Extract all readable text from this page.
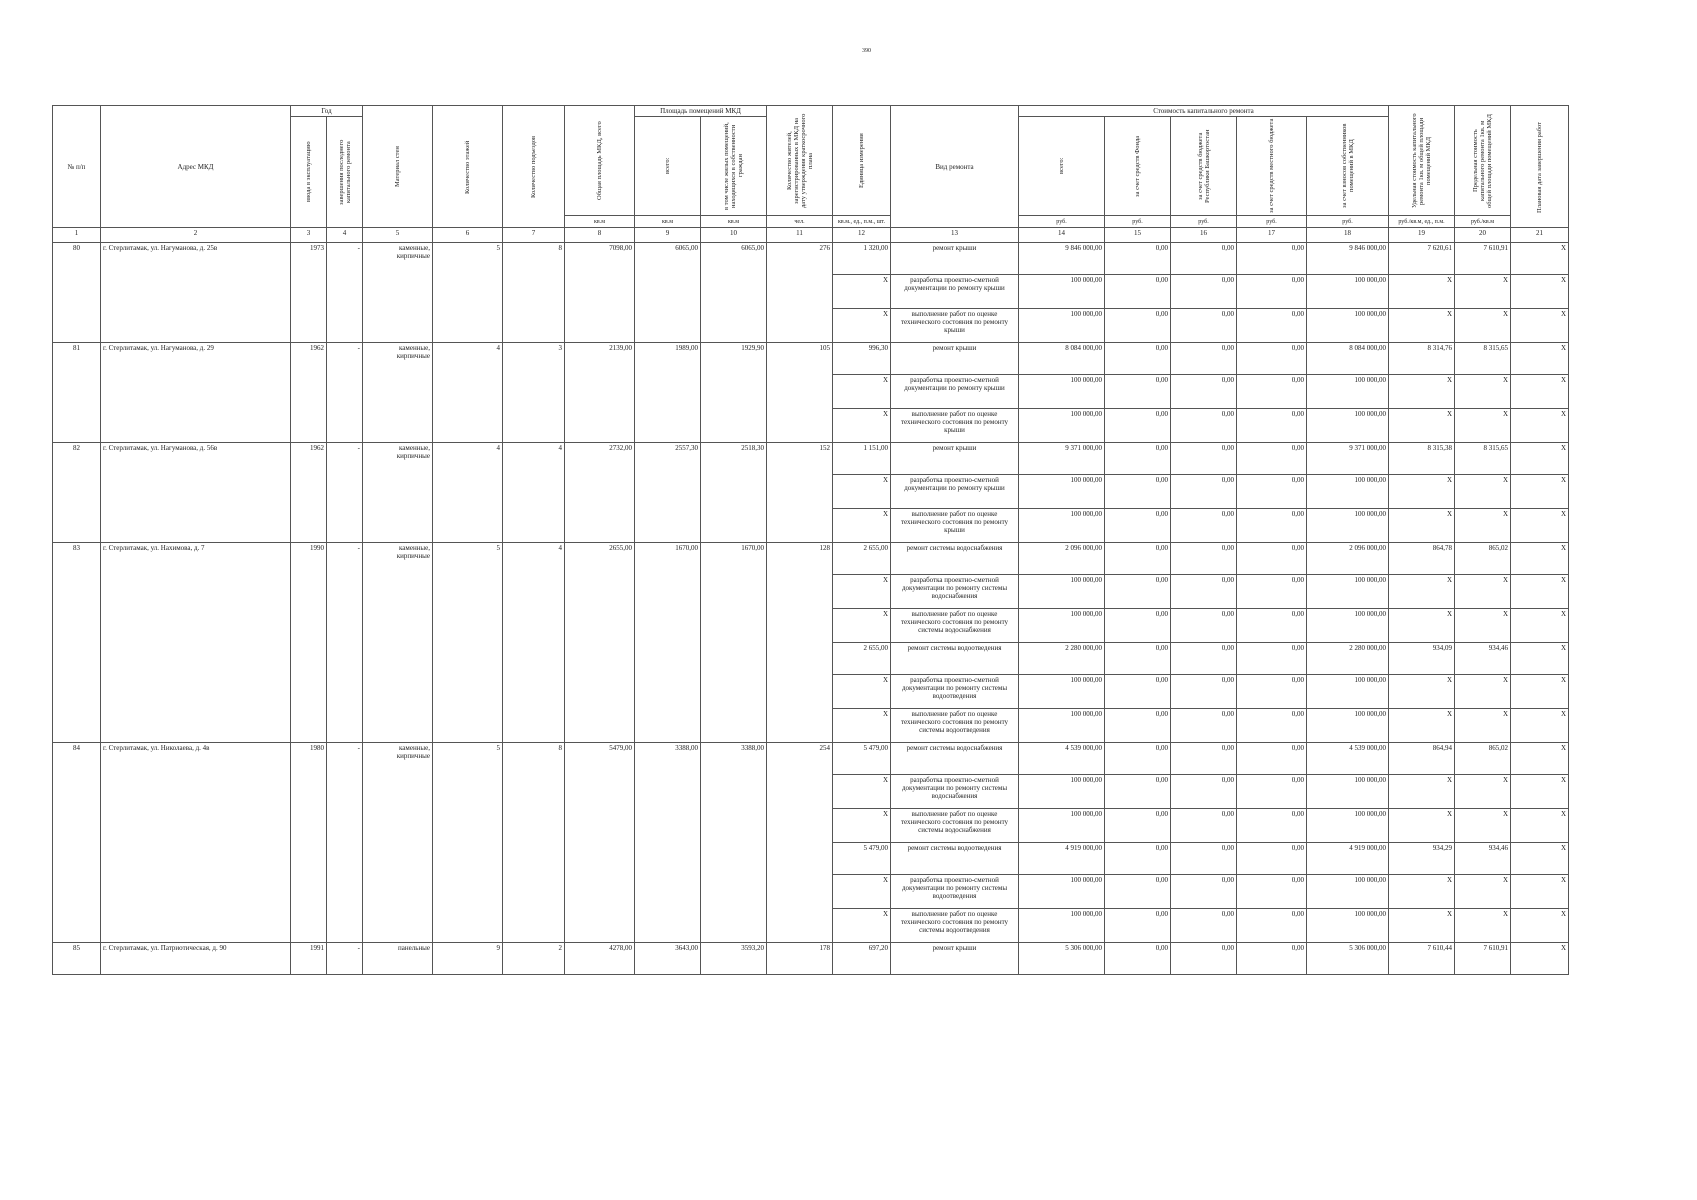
390
№ п/п	Адрес МКД	Год		Материал стен	Количество этажей	Количество подъездов	Общая площадь МКД, всего	Площадь помещений МКД		Количество жителей, зарегистрированных в МКД на дату утверждения краткосрочного плана	Единица измерения	Вид ремонта	Стоимость капитального ремонта					Удельная стоимость капитального ремонта 1кв. м общей площади помещений МКД	Предельная стоимость капитального ремонта 1кв. м общей площади помещений МКД	Плановая дата завершения работ

		ввода в эксплуатацию	завершения последнего капитального ремонта					всего:	в том числе жилых помещений, находящихся в собственности граждан				всего:	за счет средств Фонда	за счет средств бюджета Республики Башкортостан	за счет средств местного бюджета	за счет взносов собственников помещений в МКД			

							кв.м	кв.м	кв.м	чел.	кв.м., ед., п.м., шт.		руб.	руб.	руб.	руб.	руб.	руб./кв.м, ед., п.м.	руб./кв.м	
1	2	3	4	5	6	7	8	9	10	11	12	13	14	15	16	17	18	19	20	21
80	г. Стерлитамак, ул. Нагуманова, д. 25в	1973	-	каменные, кирпичные	5	8	7098,00	6065,00	6065,00	276	1 320,00	ремонт крыши	9 846 000,00	0,00	0,00	0,00	9 846 000,00	7 620,61	7 610,91	X
											X	разработка проектно-сметной документации по ремонту крыши	100 000,00	0,00	0,00	0,00	100 000,00	X	X	X
											X	выполнение работ по оценке технического состояния по ремонту крыши	100 000,00	0,00	0,00	0,00	100 000,00	X	X	X
81	г. Стерлитамак, ул. Нагуманова, д. 29	1962	-	каменные, кирпичные	4	3	2139,00	1989,00	1929,90	105	996,30	ремонт крыши	8 084 000,00	0,00	0,00	0,00	8 084 000,00	8 314,76	8 315,65	X
											X	разработка проектно-сметной документации по ремонту крыши	100 000,00	0,00	0,00	0,00	100 000,00	X	X	X
											X	выполнение работ по оценке технического состояния по ремонту крыши	100 000,00	0,00	0,00	0,00	100 000,00	X	X	X
82	г. Стерлитамак, ул. Нагуманова, д. 56в	1962	-	каменные, кирпичные	4	4	2732,00	2557,30	2518,30	152	1 151,00	ремонт крыши	9 371 000,00	0,00	0,00	0,00	9 371 000,00	8 315,38	8 315,65	X
											X	разработка проектно-сметной документации по ремонту крыши	100 000,00	0,00	0,00	0,00	100 000,00	X	X	X
											X	выполнение работ по оценке технического состояния по ремонту крыши	100 000,00	0,00	0,00	0,00	100 000,00	X	X	X
83	г. Стерлитамак, ул. Нахимова, д. 7	1990	-	каменные, кирпичные	5	4	2655,00	1670,00	1670,00	128	2 655,00	ремонт системы водоснабжения	2 096 000,00	0,00	0,00	0,00	2 096 000,00	864,78	865,02	X
											X	разработка проектно-сметной документации по ремонту системы водоснабжения	100 000,00	0,00	0,00	0,00	100 000,00	X	X	X
											X	выполнение работ по оценке технического состояния по ремонту системы водоснабжения	100 000,00	0,00	0,00	0,00	100 000,00	X	X	X
											2 655,00	ремонт системы водоотведения	2 280 000,00	0,00	0,00	0,00	2 280 000,00	934,09	934,46	X
											X	разработка проектно-сметной документации по ремонту системы водоотведения	100 000,00	0,00	0,00	0,00	100 000,00	X	X	X
											X	выполнение работ по оценке технического состояния по ремонту системы водоотведения	100 000,00	0,00	0,00	0,00	100 000,00	X	X	X
84	г. Стерлитамак, ул. Николаева, д. 4в	1980	-	каменные, кирпичные	5	8	5479,00	3388,00	3388,00	254	5 479,00	ремонт системы водоснабжения	4 539 000,00	0,00	0,00	0,00	4 539 000,00	864,94	865,02	X
											X	разработка проектно-сметной документации по ремонту системы водоснабжения	100 000,00	0,00	0,00	0,00	100 000,00	X	X	X
											X	выполнение работ по оценке технического состояния по ремонту системы водоснабжения	100 000,00	0,00	0,00	0,00	100 000,00	X	X	X
											5 479,00	ремонт системы водоотведения	4 919 000,00	0,00	0,00	0,00	4 919 000,00	934,29	934,46	X
											X	разработка проектно-сметной документации по ремонту системы водоотведения	100 000,00	0,00	0,00	0,00	100 000,00	X	X	X
											X	выполнение работ по оценке технического состояния по ремонту системы водоотведения	100 000,00	0,00	0,00	0,00	100 000,00	X	X	X
85	г. Стерлитамак, ул. Патриотическая, д. 90	1991	-	панельные	9	2	4278,00	3643,00	3593,20	178	697,20	ремонт крыши	5 306 000,00	0,00	0,00	0,00	5 306 000,00	7 610,44	7 610,91	X
